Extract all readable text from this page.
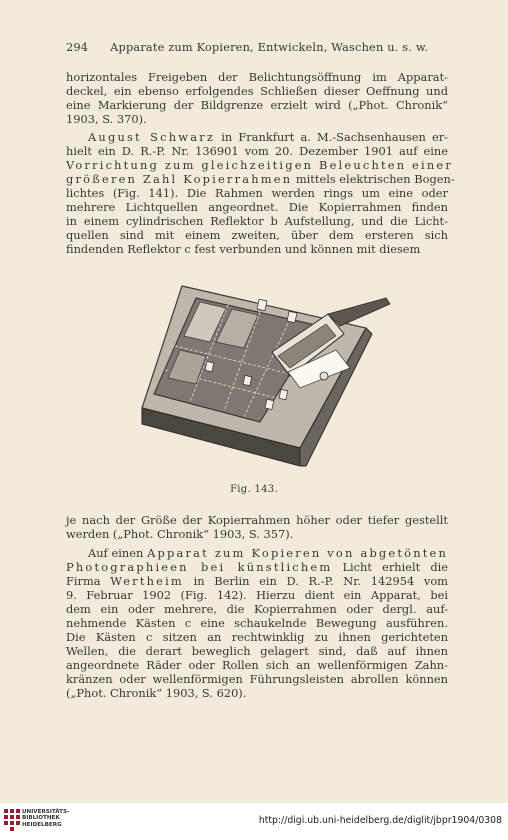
294 Apparate zum Kopieren, Entwickeln, Waschen u. s. w.

horizontales Freigeben der Belichtungsöffnung im Apparat-
deckel, ein ebenso erfolgendes Schließen dieser Oeffnung und
eine Markierung der Bildgrenze erzielt wird („Phot. Chronik“
1903, S. 370).

August Schwarz in Frankfurt a. M.-Sachsenhausen er-
hielt ein D. R.-P. Nr. 136901 vom 20. Dezember 1901 auf eine
Vorrichtung zum gleichzeitigen Beleuchten einer
größeren Zahl Kopierrahmen mittels elektrischen Bogen-
lichtes (Fig. 141). Die Rahmen werden rings um eine oder
mehrere Lichtquellen angeordnet. Die Kopierrahmen finden
in einem cylindrischen Reflektor b Aufstellung, und die Licht-
quellen sind mit einem zweiten, über dem ersteren sich
findenden Reflektor c fest verbunden und können mit diesem

Fig. 143.

je nach der Größe der Kopierrahmen höher oder tiefer gestellt
werden („Phot. Chronik“ 1903, S. 357).

Auf einen Apparat zum Kopieren von abgetönten
Photographieen bei künstlichem Licht erhielt die
Firma Wertheim in Berlin ein D. R.-P. Nr. 142954 vom
9. Februar 1902 (Fig. 142). Hierzu dient ein Apparat, bei
dem ein oder mehrere, die Kopierrahmen oder dergl. auf-
nehmende Kästen c eine schaukelnde Bewegung ausführen.
Die Kästen c sitzen an rechtwinklig zu ihnen gerichteten
Wellen, die derart beweglich gelagert sind, daß auf ihnen
angeordnete Räder oder Rollen sich an wellenförmigen Zahn-
kränzen oder wellenförmigen Führungsleisten abrollen können
(„Phot. Chronik“ 1903, S. 620).

UNIVERSITÄTS-
BIBLIOTHEK
HEIDELBERG	http://digi.ub.uni-heidelberg.de/diglit/jbpr1904/0308
